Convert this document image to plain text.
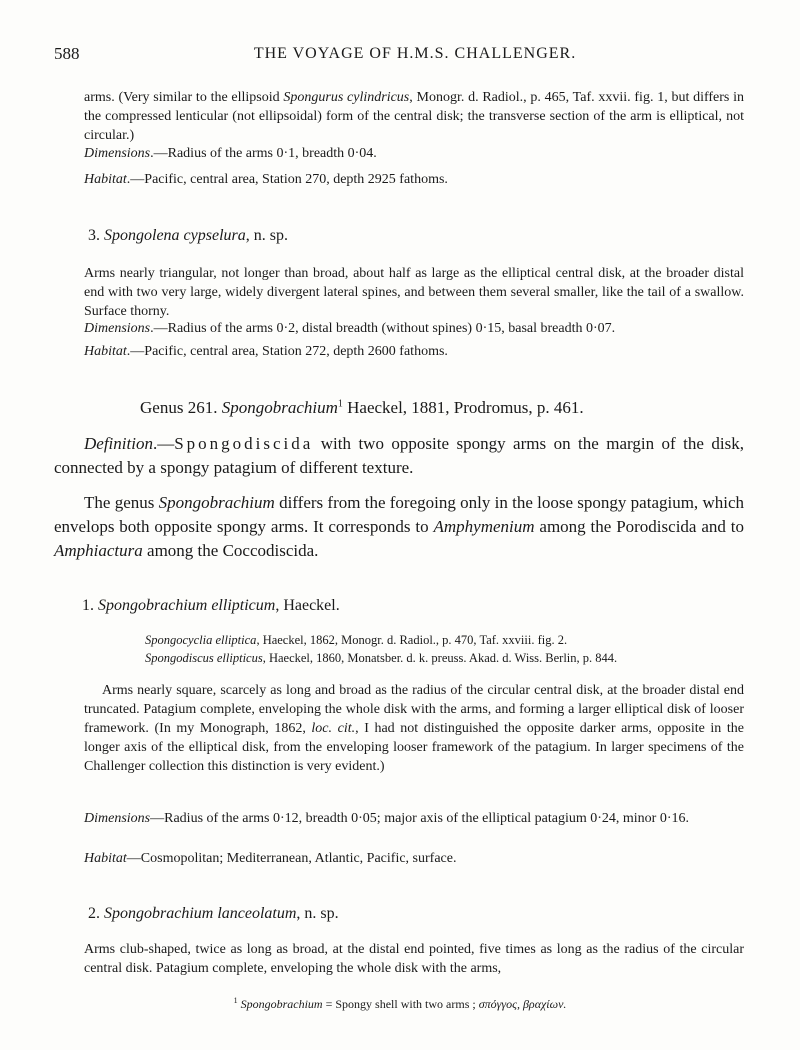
588	THE VOYAGE OF H.M.S. CHALLENGER.
arms. (Very similar to the ellipsoid Spongurus cylindricus, Monogr. d. Radiol., p. 465, Taf. xxvii. fig. 1, but differs in the compressed lenticular (not ellipsoidal) form of the central disk; the transverse section of the arm is elliptical, not circular.)
Dimensions.—Radius of the arms 0·1, breadth 0·04.
Habitat.—Pacific, central area, Station 270, depth 2925 fathoms.
3. Spongolena cypselura, n. sp.
Arms nearly triangular, not longer than broad, about half as large as the elliptical central disk, at the broader distal end with two very large, widely divergent lateral spines, and between them several smaller, like the tail of a swallow. Surface thorny.
Dimensions.—Radius of the arms 0·2, distal breadth (without spines) 0·15, basal breadth 0·07.
Habitat.—Pacific, central area, Station 272, depth 2600 fathoms.
Genus 261. Spongobrachium$^1$ Haeckel, 1881, Prodromus, p. 461.
Definition.—Spongodiscida with two opposite spongy arms on the margin of the disk, connected by a spongy patagium of different texture.
The genus Spongobrachium differs from the foregoing only in the loose spongy patagium, which envelops both opposite spongy arms. It corresponds to Amphymenium among the Porodiscida and to Amphiactura among the Coccodiscida.
1. Spongobrachium ellipticum, Haeckel.
Spongocyclia elliptica, Haeckel, 1862, Monogr. d. Radiol., p. 470, Taf. xxviii. fig. 2.
Spongodiscus ellipticus, Haeckel, 1860, Monatsber. d. k. preuss. Akad. d. Wiss. Berlin, p. 844.
Arms nearly square, scarcely as long and broad as the radius of the circular central disk, at the broader distal end truncated. Patagium complete, enveloping the whole disk with the arms, and forming a larger elliptical disk of looser framework. (In my Monograph, 1862, loc. cit., I had not distinguished the opposite darker arms, opposite in the longer axis of the elliptical disk, from the enveloping looser framework of the patagium. In larger specimens of the Challenger collection this distinction is very evident.)
Dimensions—Radius of the arms 0·12, breadth 0·05; major axis of the elliptical patagium 0·24, minor 0·16.
Habitat—Cosmopolitan; Mediterranean, Atlantic, Pacific, surface.
2. Spongobrachium lanceolatum, n. sp.
Arms club-shaped, twice as long as broad, at the distal end pointed, five times as long as the radius of the circular central disk. Patagium complete, enveloping the whole disk with the arms,
$^1$ Spongobrachium = Spongy shell with two arms ; σπόγγος, βραχίων.
